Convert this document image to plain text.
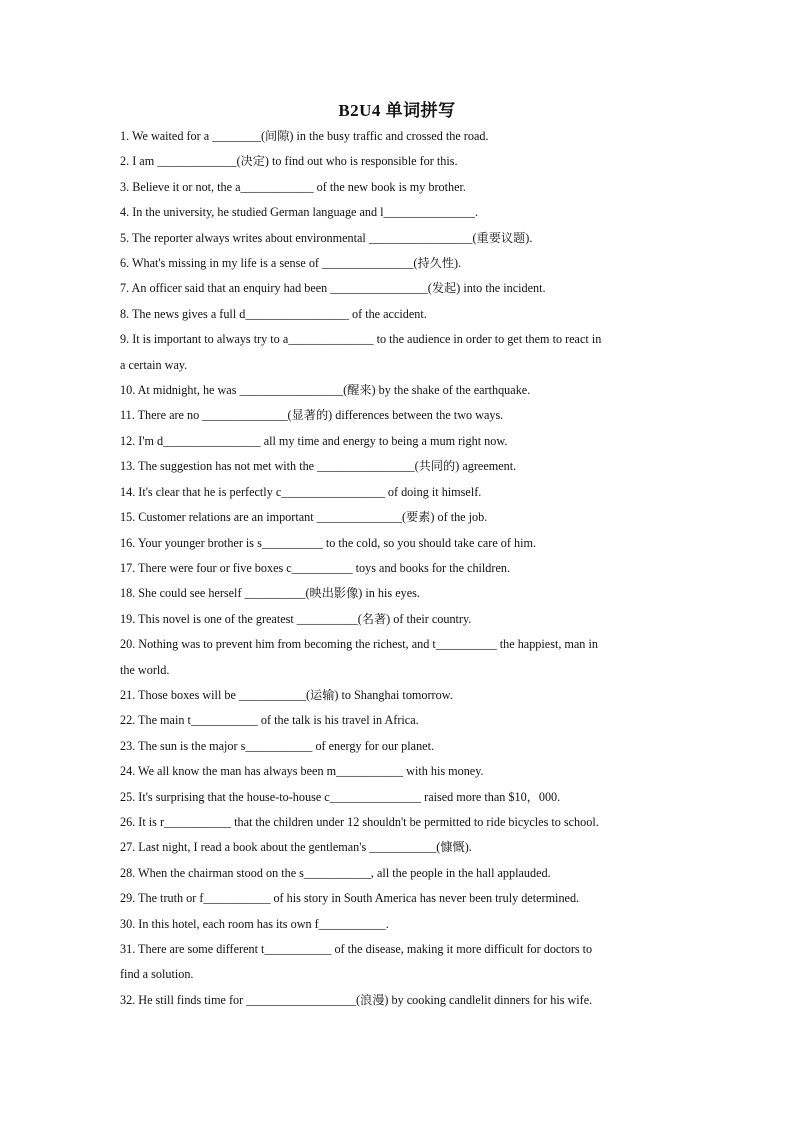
B2U4 单词拼写

1. We waited for a ________(间隙) in the busy traffic and crossed the road.

2. I am _____________(决定) to find out who is responsible for this.

3. Believe it or not, the a____________ of the new book is my brother.

4. In the university, he studied German language and l_______________.

5. The reporter always writes about environmental _________________(重要议题).

6. What's missing in my life is a sense of _______________(持久性).

7. An officer said that an enquiry had been ________________(发起) into the incident.

8. The news gives a full d_________________ of the accident.

9. It is important to always try to a______________ to the audience in order to get them to react in
a certain way.

10. At midnight, he was _________________(醒来) by the shake of the earthquake.

11. There are no ______________(显著的) differences between the two ways.

12. I'm d________________ all my time and energy to being a mum right now.

13. The suggestion has not met with the ________________(共同的) agreement.

14. It's clear that he is perfectly c_________________ of doing it himself.

15. Customer relations are an important ______________(要素) of the job.

16. Your younger brother is s__________ to the cold, so you should take care of him.

17. There were four or five boxes c__________ toys and books for the children.

18. She could see herself __________(映出影像) in his eyes.

19. This novel is one of the greatest __________(名著) of their country.

20. Nothing was to prevent him from becoming the richest, and t__________ the happiest, man in
the world.

21. Those boxes will be ___________(运输) to Shanghai tomorrow.

22. The main t___________ of the talk is his travel in Africa.

23. The sun is the major s___________ of energy for our planet.

24. We all know the man has always been m___________ with his money.

25. It's surprising that the house-to-house c_______________ raised more than $10，000.

26. It is r___________ that the children under 12 shouldn't be permitted to ride bicycles to school.

27. Last night, I read a book about the gentleman's ___________(慷慨).

28. When the chairman stood on the s___________, all the people in the hall applauded.

29. The truth or f___________ of his story in South America has never been truly determined.

30. In this hotel, each room has its own f___________.

31. There are some different t___________ of the disease, making it more difficult for doctors to
find a solution.

32. He still finds time for __________________(浪漫) by cooking candlelit dinners for his wife.
